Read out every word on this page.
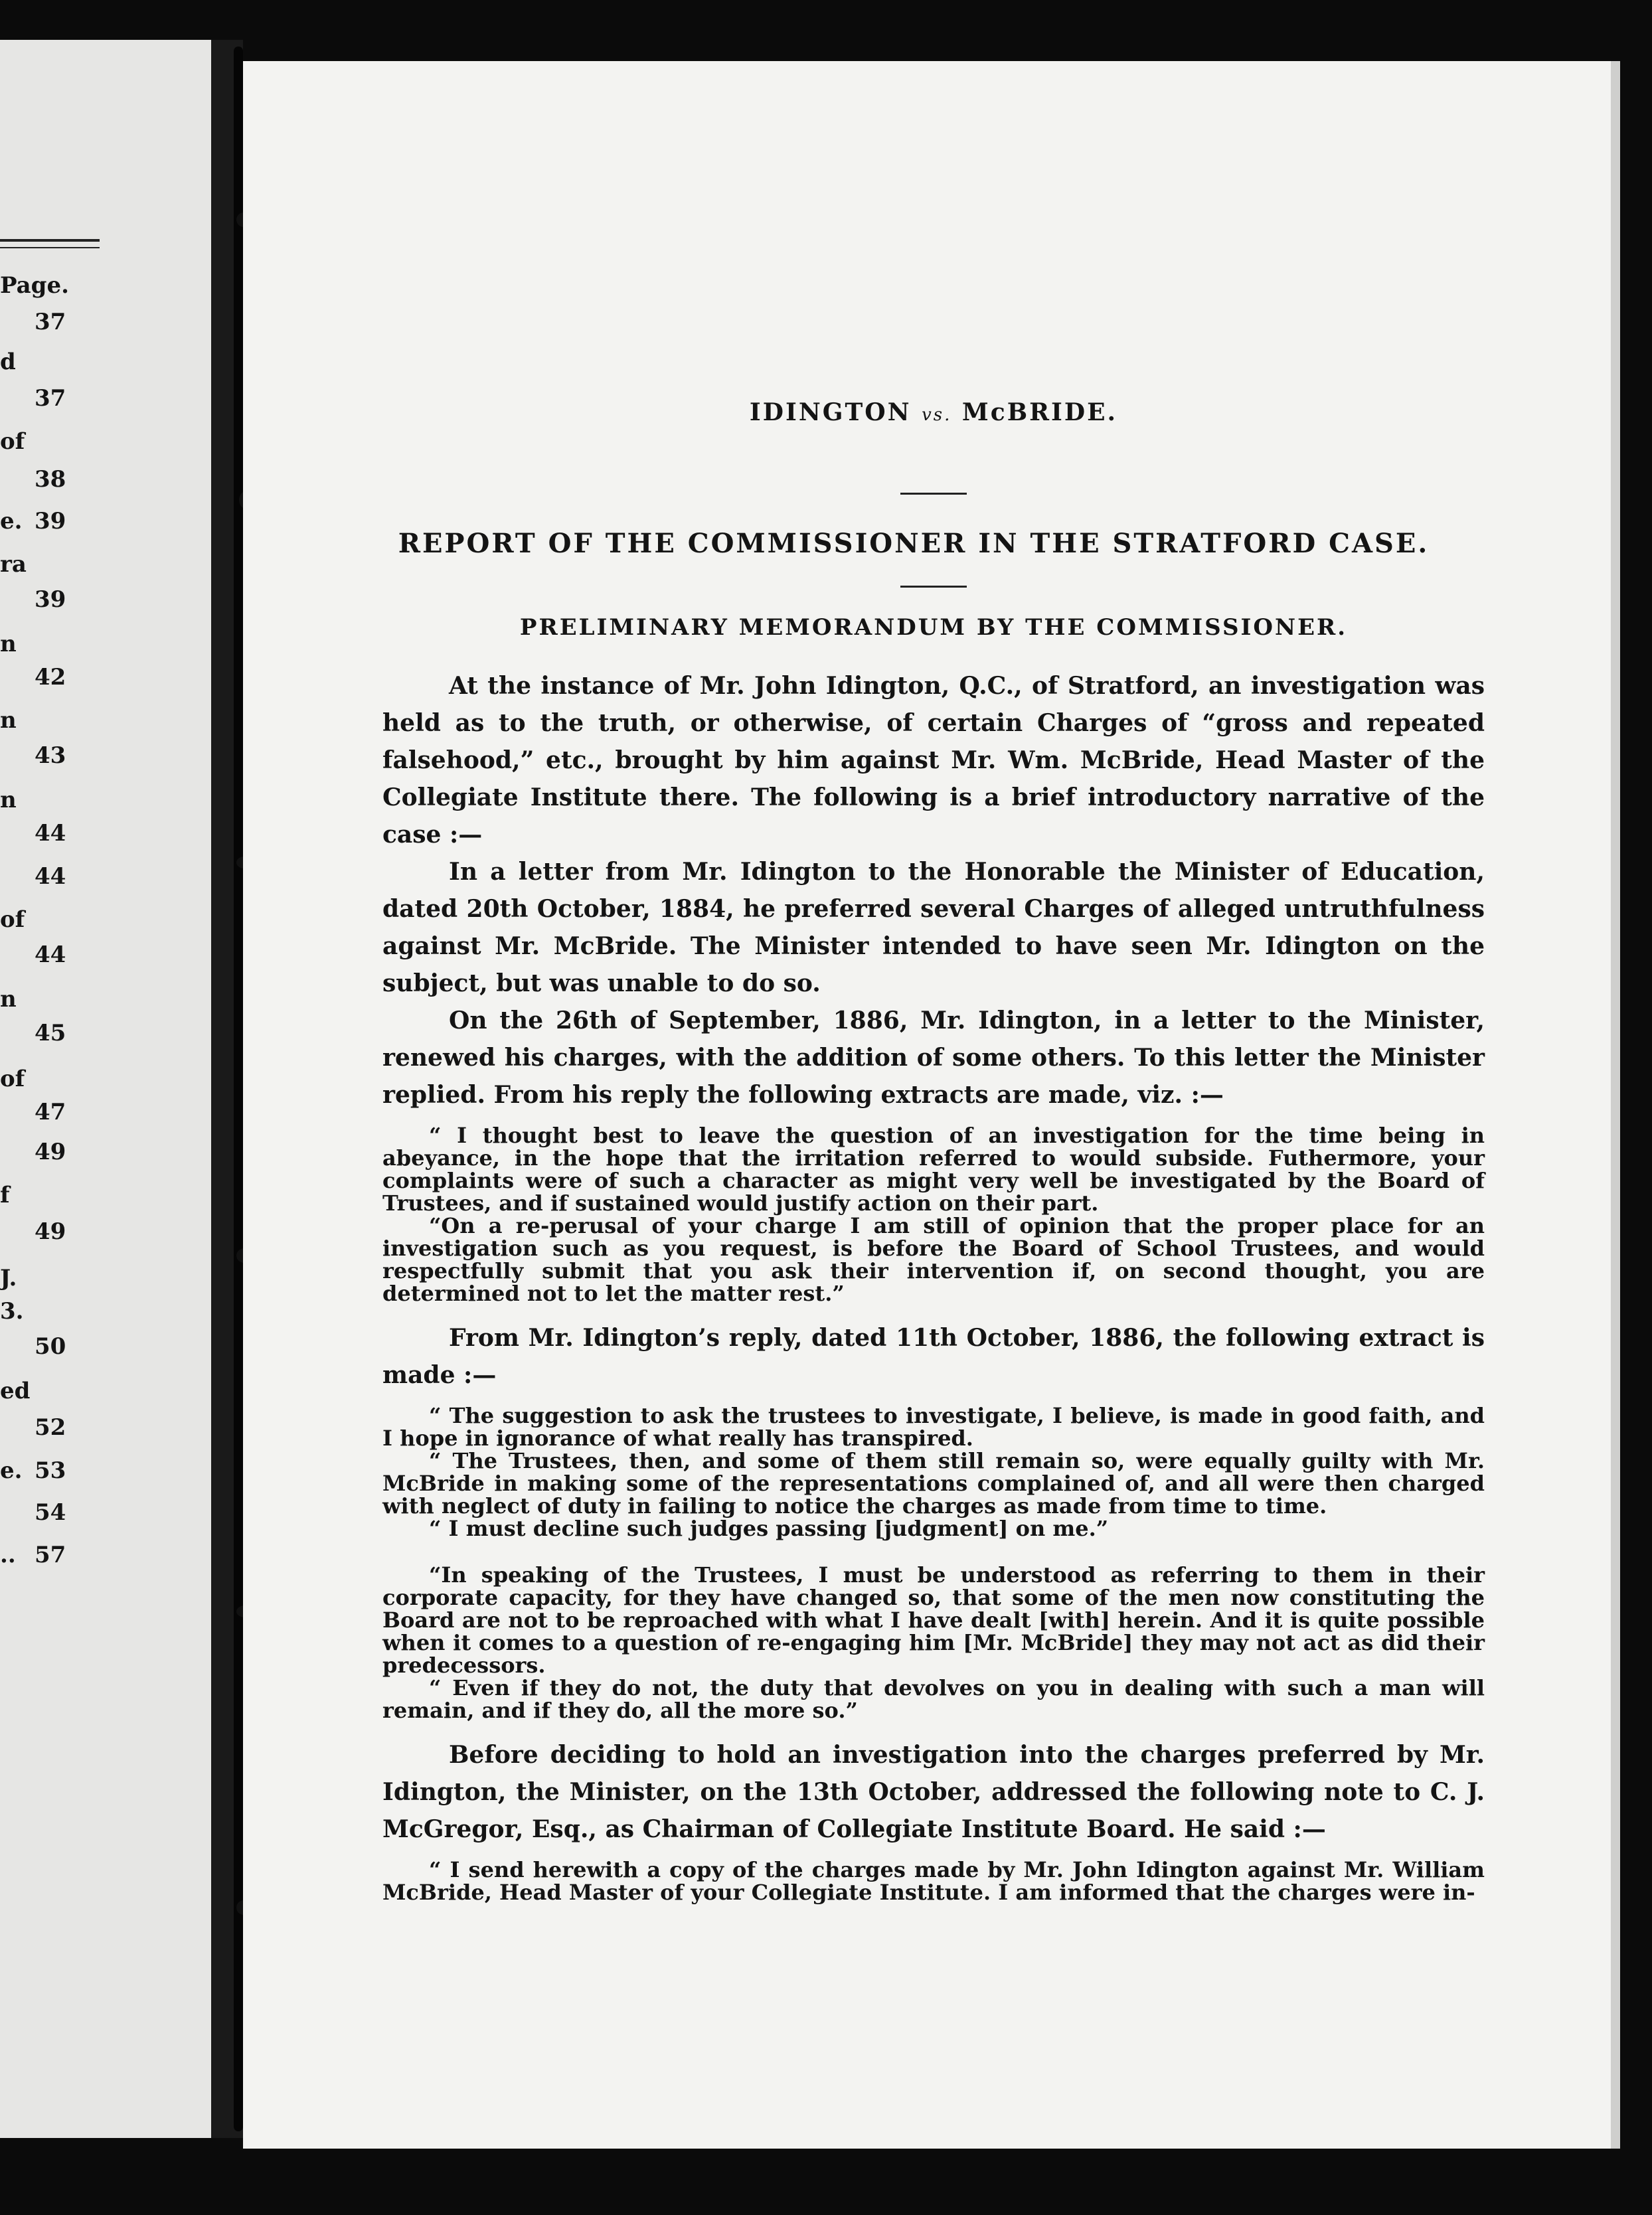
Page.
37
d
37
of
38
e. 39
ra
39
n
42
n
43
n
44
44
of
44
n
45
of
47
49
f
49
J.
3.
50
ed
52
e. 53
54
.. 57

IDINGTON vs. McBRIDE.

REPORT OF THE COMMISSIONER IN THE STRATFORD CASE.

PRELIMINARY MEMORANDUM BY THE COMMISSIONER.

At the instance of Mr. John Idington, Q.C., of Stratford, an investigation was held as to the truth, or otherwise, of certain Charges of “gross and repeated falsehood,” etc., brought by him against Mr. Wm. McBride, Head Master of the Collegiate Institute there. The following is a brief introductory narrative of the case :—

In a letter from Mr. Idington to the Honorable the Minister of Education, dated 20th October, 1884, he preferred several Charges of alleged untruthfulness against Mr. McBride. The Minister intended to have seen Mr. Idington on the subject, but was unable to do so.

On the 26th of September, 1886, Mr. Idington, in a letter to the Minister, renewed his charges, with the addition of some others. To this letter the Minister replied. From his reply the following extracts are made, viz. :—

“ I thought best to leave the question of an investigation for the time being in abeyance, in the hope that the irritation referred to would subside. Futhermore, your complaints were of such a character as might very well be investigated by the Board of Trustees, and if sustained would justify action on their part.

“On a re-perusal of your charge I am still of opinion that the proper place for an investigation such as you request, is before the Board of School Trustees, and would respectfully submit that you ask their intervention if, on second thought, you are determined not to let the matter rest.”

From Mr. Idington’s reply, dated 11th October, 1886, the following extract is made :—

“ The suggestion to ask the trustees to investigate, I believe, is made in good faith, and I hope in ignorance of what really has transpired.

“ The Trustees, then, and some of them still remain so, were equally guilty with Mr. McBride in making some of the representations complained of, and all were then charged with neglect of duty in failing to notice the charges as made from time to time.

“ I must decline such judges passing [judgment] on me.”

“In speaking of the Trustees, I must be understood as referring to them in their corporate capacity, for they have changed so, that some of the men now constituting the Board are not to be reproached with what I have dealt [with] herein. And it is quite possible when it comes to a question of re-engaging him [Mr. McBride] they may not act as did their predecessors.

“ Even if they do not, the duty that devolves on you in dealing with such a man will remain, and if they do, all the more so.”

Before deciding to hold an investigation into the charges preferred by Mr. Idington, the Minister, on the 13th October, addressed the following note to C. J. McGregor, Esq., as Chairman of Collegiate Institute Board. He said :—

“ I send herewith a copy of the charges made by Mr. John Idington against Mr. William McBride, Head Master of your Collegiate Institute. I am informed that the charges were in-
